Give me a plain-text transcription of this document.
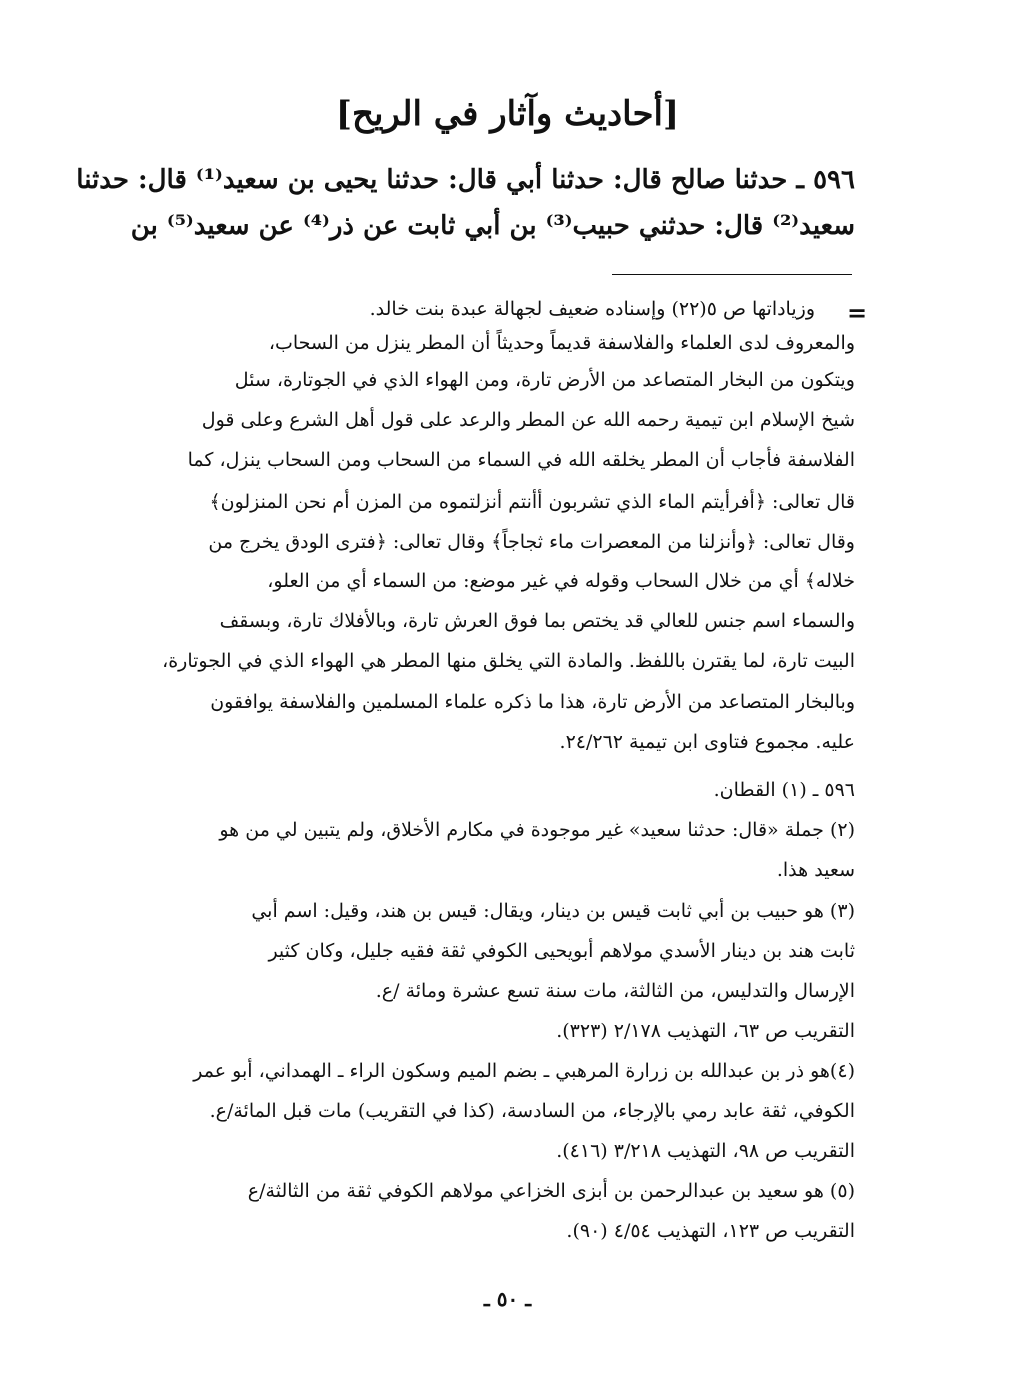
[أحاديث وآثار في الريح]
٥٩٦ ـ حدثنا صالح قال: حدثنا أبي قال: حدثنا يحيى بن سعيد⁽¹⁾ قال: حدثنا
سعيد⁽²⁾ قال: حدثني حبيب⁽³⁾ بن أبي ثابت عن ذر⁽⁴⁾ عن سعيد⁽⁵⁾ بن
=
وزياداتها ص ٥(٢٢) وإسناده ضعيف لجهالة عبدة بنت خالد.
والمعروف لدى العلماء والفلاسفة قديماً وحديثاً أن المطر ينزل من السحاب،
ويتكون من البخار المتصاعد من الأرض تارة، ومن الهواء الذي في الجوتارة، سئل
شيخ الإسلام ابن تيمية رحمه الله عن المطر والرعد على قول أهل الشرع وعلى قول
الفلاسفة فأجاب أن المطر يخلقه الله في السماء من السحاب ومن السحاب ينزل، كما
قال تعالى: ﴿أفرأيتم الماء الذي تشربون أأنتم أنزلتموه من المزن أم نحن المنزلون﴾
وقال تعالى: ﴿وأنزلنا من المعصرات ماء ثجاجاً﴾ وقال تعالى: ﴿فترى الودق يخرج من
خلاله﴾ أي من خلال السحاب وقوله في غير موضع: من السماء أي من العلو،
والسماء اسم جنس للعالي قد يختص بما فوق العرش تارة، وبالأفلاك تارة، وبسقف
البيت تارة، لما يقترن باللفظ. والمادة التي يخلق منها المطر هي الهواء الذي في الجوتارة،
وبالبخار المتصاعد من الأرض تارة، هذا ما ذكره علماء المسلمين والفلاسفة يوافقون
عليه. مجموع فتاوى ابن تيمية ٢٤/٢٦٢.
٥٩٦ ـ (١) القطان.
(٢) جملة «قال: حدثنا سعيد» غير موجودة في مكارم الأخلاق، ولم يتبين لي من هو
سعيد هذا.
(٣) هو حبيب بن أبي ثابت قيس بن دينار، ويقال: قيس بن هند، وقيل: اسم أبي
ثابت هند بن دينار الأسدي مولاهم أبويحيى الكوفي ثقة فقيه جليل، وكان كثير
الإرسال والتدليس، من الثالثة، مات سنة تسع عشرة ومائة /ع.
التقريب ص ٦٣، التهذيب ٢/١٧٨ (٣٢٣).
(٤)هو ذر بن عبدالله بن زرارة المرهبي ـ بضم الميم وسكون الراء ـ الهمداني، أبو عمر
الكوفي، ثقة عابد رمي بالإرجاء، من السادسة، (كذا في التقريب) مات قبل المائة/ع.
التقريب ص ٩٨، التهذيب ٣/٢١٨ (٤١٦).
(٥) هو سعيد بن عبدالرحمن بن أبزى الخزاعي مولاهم الكوفي ثقة من الثالثة/ع
التقريب ص ١٢٣، التهذيب ٤/٥٤ (٩٠).
ـ ٥٠ ـ
